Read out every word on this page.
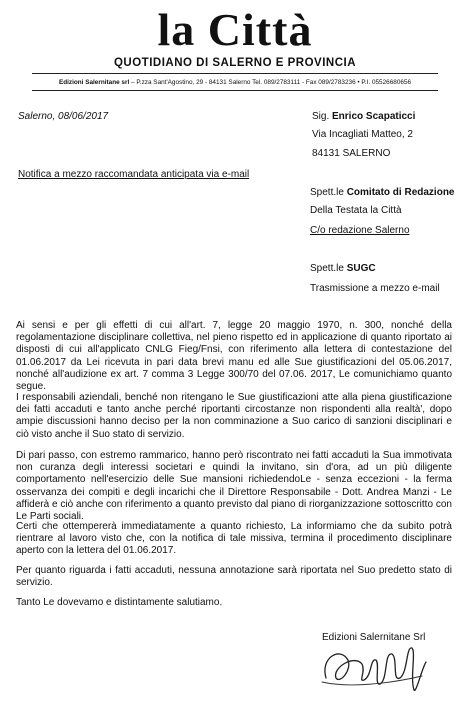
la Città
QUOTIDIANO DI SALERNO E PROVINCIA
Edizioni Salernitane srl – P.zza Sant'Agostino, 29 - 84131 Salerno Tel. 089/2783111 - Fax 089/2783236 • P.I. 05526680656
Salerno, 08/06/2017	Sig. Enrico Scapaticci
Via Incagliati Matteo, 2
84131 SALERNO
Notifica a mezzo raccomandata anticipata via e-mail
Spett.le Comitato di Redazione
Della Testata la Città
C/o redazione Salerno
Spett.le SUGC
Trasmissione a mezzo e-mail
Ai sensi e per gli effetti di cui all'art. 7, legge 20 maggio 1970, n. 300, nonché della regolamentazione disciplinare collettiva, nel pieno rispetto ed in applicazione di quanto riportato ai disposti di cui all'applicato CNLG Fieg/Fnsi, con riferimento alla lettera di contestazione del 01.06.2017 da Lei ricevuta in pari data brevi manu ed alle Sue giustificazioni del 05.06.2017, nonché all'audizione ex art. 7 comma 3 Legge 300/70 del 07.06. 2017, Le comunichiamo quanto segue.
I responsabili aziendali, benché non ritengano le Sue giustificazioni atte alla piena giustificazione dei fatti accaduti e tanto anche perché riportanti circostanze non rispondenti alla realtà', dopo ampie discussioni hanno deciso per la non comminazione a Suo carico di sanzioni disciplinari e ciò visto anche il Suo stato di servizio.
Di pari passo, con estremo rammarico, hanno però riscontrato nei fatti accaduti la Sua immotivata non curanza degli interessi societari e quindi la invitano, sin d'ora, ad un più diligente comportamento nell'esercizio delle Sue mansioni richiedendoLe - senza eccezioni - la ferma osservanza dei compiti e degli incarichi che il Direttore Responsabile - Dott. Andrea Manzi - Le affiderà e ciò anche con riferimento a quanto previsto dal piano di riorganizzazione sottoscritto con Le Parti sociali.
Certi che ottempererà immediatamente a quanto richiesto, La informiamo che da subito potrà rientrare al lavoro visto che, con la notifica di tale missiva, termina il procedimento disciplinare aperto con la lettera del 01.06.2017.
Per quanto riguarda i fatti accaduti, nessuna annotazione sarà riportata nel Suo predetto stato di servizio.
Tanto Le dovevamo e distintamente salutiamo.
Edizioni Salernitane Srl
